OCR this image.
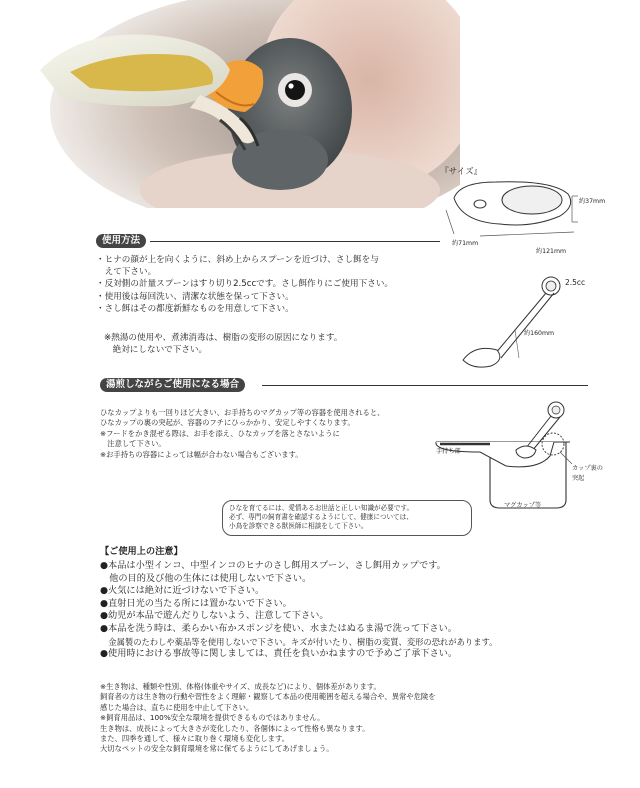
『サイズ』
約37mm
約71mm
約121mm
2.5cc
約160mm
使用方法
・ヒナの顔が上を向くように、斜め上からスプーンを近づけ、さし餌を与
　えて下さい。
・反対側の計量スプーンはすり切り2.5ccです。さし餌作りにご使用下さい。
・使用後は毎回洗い、清潔な状態を保って下さい。
・さし餌はその都度新鮮なものを用意して下さい。
※熱湯の使用や、煮沸消毒は、樹脂の変形の原因になります。
　絶対にしないで下さい。
湯煎しながらご使用になる場合
ひなカップよりも一回りほど大きい、お手持ちのマグカップ等の容器を使用されると、
ひなカップの裏の突起が、容器のフチにひっかかり、安定しやすくなります。
※フードをかき混ぜる際は、お手を添え、ひなカップを落とさないように
　注意して下さい。
※お手持ちの容器によっては幅が合わない場合もございます。	手持ち部
カップ裏の
突起
マグカップ等
ひなを育てるには、愛情あるお世話と正しい知識が必要です。
必ず、専門の飼育書を確認するようにして、健康については、
小鳥を診察できる獣医師に相談をして下さい。
【ご使用上の注意】
●本品は小型インコ、中型インコのヒナのさし餌用スプーン、さし餌用カップです。
　他の目的及び他の生体には使用しないで下さい。
●火気には絶対に近づけないで下さい。
●直射日光の当たる所には置かないで下さい。
●幼児が本品で遊んだりしないよう、注意して下さい。
●本品を洗う時は、柔らかい布かスポンジを使い、水またはぬるま湯で洗って下さい。
　金属製のたわしや薬品等を使用しないで下さい。キズが付いたり、樹脂の変質、変形の恐れがあります。
●使用時における事故等に関しましては、責任を負いかねますので予めご了承下さい。
※生き物は、種類や性別、体格(体重やサイズ、成長など)により、個体差があります。
飼育者の方は生き物の行動や習性をよく理解・観察して本品の使用範囲を超える場合や、異常や危険を
感じた場合は、直ちに使用を中止して下さい。
※飼育用品は、100%安全な環境を提供できるものではありません。
生き物は、成長によって大きさが変化したり、各個体によって性格も異なります。
また、四季を通して、様々に取り巻く環境も変化します。
大切なペットの安全な飼育環境を常に保てるようにしてあげましょう。
